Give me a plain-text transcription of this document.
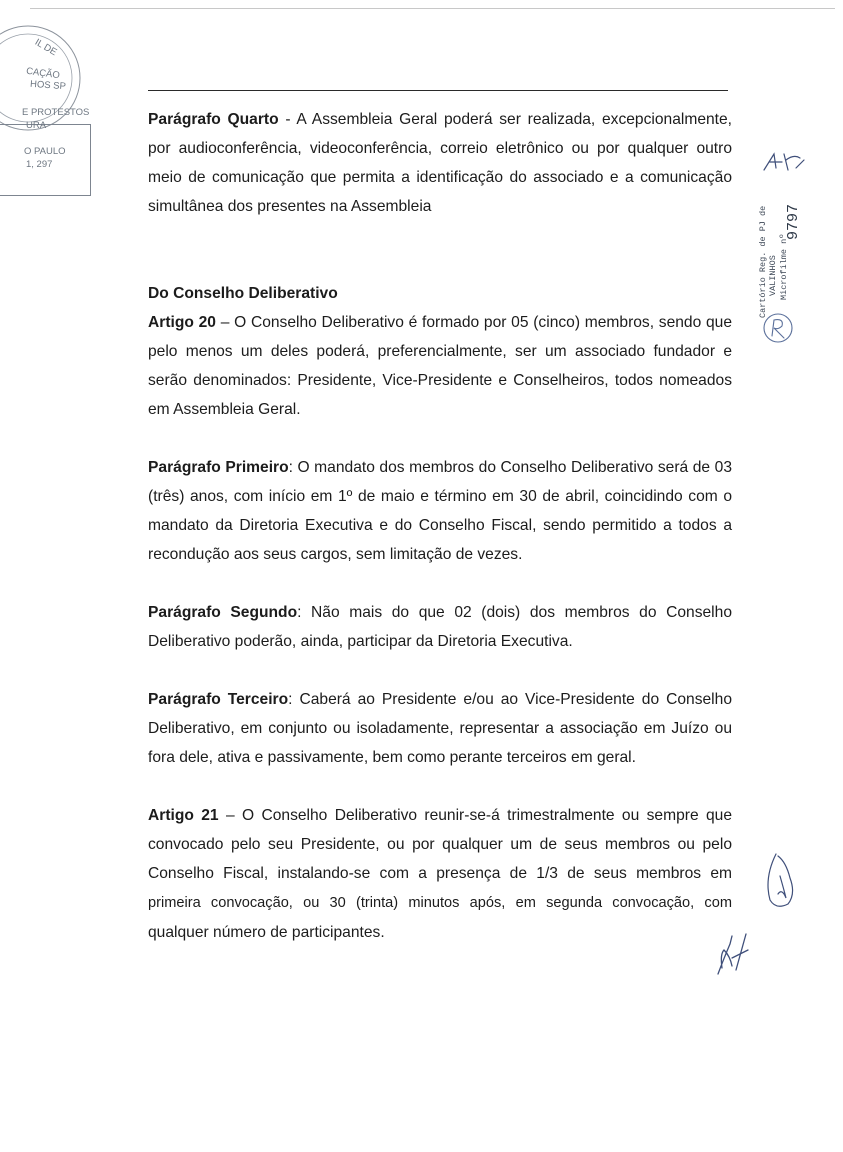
IL DE
CAÇÃO
HOS SP
E PROTESTOS
URA
O PAULO
1, 297
Cartório Reg. de PJ de VALINHOS Microfilme nº
9797

Parágrafo Quarto - A Assembleia Geral poderá ser realizada, excepcionalmente, por audioconferência, videoconferência, correio eletrônico ou por qualquer outro meio de comunicação que permita a identificação do associado e a comunicação simultânea dos presentes na Assembleia

Do Conselho Deliberativo

Artigo 20 – O Conselho Deliberativo é formado por 05 (cinco) membros, sendo que pelo menos um deles poderá, preferencialmente, ser um associado fundador e serão denominados: Presidente, Vice-Presidente e Conselheiros, todos nomeados em Assembleia Geral.

Parágrafo Primeiro: O mandato dos membros do Conselho Deliberativo será de 03 (três) anos, com início em 1º de maio e término em 30 de abril, coincidindo com o mandato da Diretoria Executiva e do Conselho Fiscal, sendo permitido a todos a recondução aos seus cargos, sem limitação de vezes.

Parágrafo Segundo: Não mais do que 02 (dois) dos membros do Conselho Deliberativo poderão, ainda, participar da Diretoria Executiva.

Parágrafo Terceiro: Caberá ao Presidente e/ou ao Vice-Presidente do Conselho Deliberativo, em conjunto ou isoladamente, representar a associação em Juízo ou fora dele, ativa e passivamente, bem como perante terceiros em geral.

Artigo 21 – O Conselho Deliberativo reunir-se-á trimestralmente ou sempre que convocado pelo seu Presidente, ou por qualquer um de seus membros ou pelo Conselho Fiscal, instalando-se com a presença de 1/3 de seus membros em primeira convocação, ou 30 (trinta) minutos após, em segunda convocação, com qualquer número de participantes.
